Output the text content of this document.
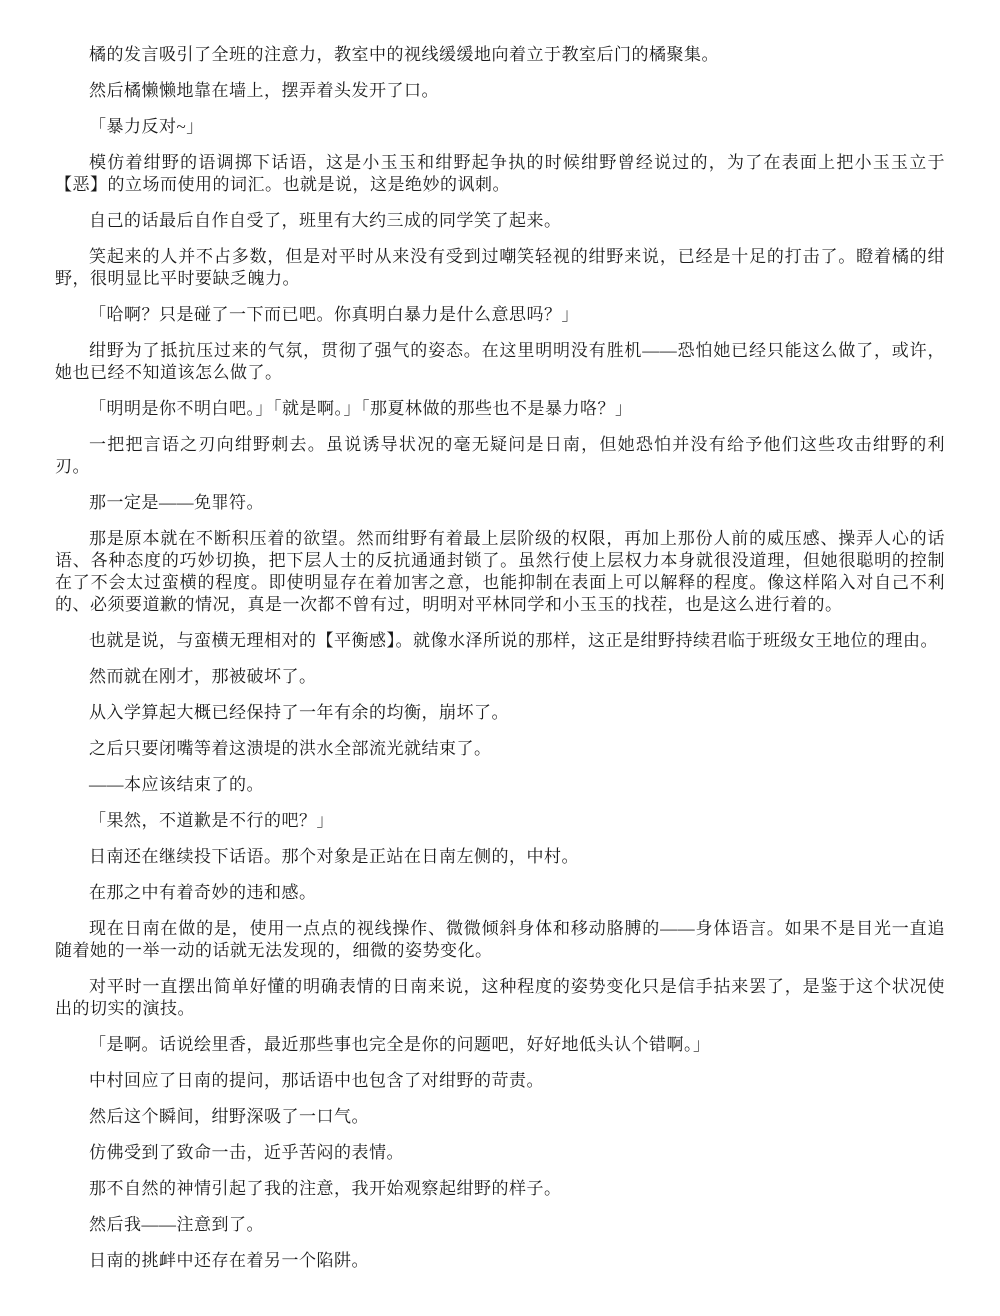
橘的发言吸引了全班的注意力，教室中的视线缓缓地向着立于教室后门的橘聚集。

然后橘懒懒地靠在墙上，摆弄着头发开了口。

「暴力反对~」

模仿着绀野的语调掷下话语，这是小玉玉和绀野起争执的时候绀野曾经说过的，为了在表面上把小玉玉立于【恶】的立场而使用的词汇。也就是说，这是绝妙的讽刺。

自己的话最后自作自受了，班里有大约三成的同学笑了起来。

笑起来的人并不占多数，但是对平时从来没有受到过嘲笑轻视的绀野来说，已经是十足的打击了。瞪着橘的绀野，很明显比平时要缺乏魄力。

「哈啊？只是碰了一下而已吧。你真明白暴力是什么意思吗？」

绀野为了抵抗压过来的气氛，贯彻了强气的姿态。在这里明明没有胜机——恐怕她已经只能这么做了，或许，她也已经不知道该怎么做了。

「明明是你不明白吧。」「就是啊。」「那夏林做的那些也不是暴力咯？」

一把把言语之刃向绀野刺去。虽说诱导状况的毫无疑问是日南，但她恐怕并没有给予他们这些攻击绀野的利刃。

那一定是——免罪符。

那是原本就在不断积压着的欲望。然而绀野有着最上层阶级的权限，再加上那份人前的威压感、操弄人心的话语、各种态度的巧妙切换，把下层人士的反抗通通封锁了。虽然行使上层权力本身就很没道理，但她很聪明的控制在了不会太过蛮横的程度。即使明显存在着加害之意，也能抑制在表面上可以解释的程度。像这样陷入对自己不利的、必须要道歉的情况，真是一次都不曾有过，明明对平林同学和小玉玉的找茬，也是这么进行着的。

也就是说，与蛮横无理相对的【平衡感】。就像水泽所说的那样，这正是绀野持续君临于班级女王地位的理由。

然而就在刚才，那被破坏了。

从入学算起大概已经保持了一年有余的均衡，崩坏了。

之后只要闭嘴等着这溃堤的洪水全部流光就结束了。

——本应该结束了的。

「果然，不道歉是不行的吧？」

日南还在继续投下话语。那个对象是正站在日南左侧的，中村。

在那之中有着奇妙的违和感。

现在日南在做的是，使用一点点的视线操作、微微倾斜身体和移动胳膊的——身体语言。如果不是目光一直追随着她的一举一动的话就无法发现的，细微的姿势变化。

对平时一直摆出简单好懂的明确表情的日南来说，这种程度的姿势变化只是信手拈来罢了，是鉴于这个状况使出的切实的演技。

「是啊。话说绘里香，最近那些事也完全是你的问题吧，好好地低头认个错啊。」

中村回应了日南的提问，那话语中也包含了对绀野的苛责。

然后这个瞬间，绀野深吸了一口气。

仿佛受到了致命一击，近乎苦闷的表情。

那不自然的神情引起了我的注意，我开始观察起绀野的样子。

然后我——注意到了。

日南的挑衅中还存在着另一个陷阱。
